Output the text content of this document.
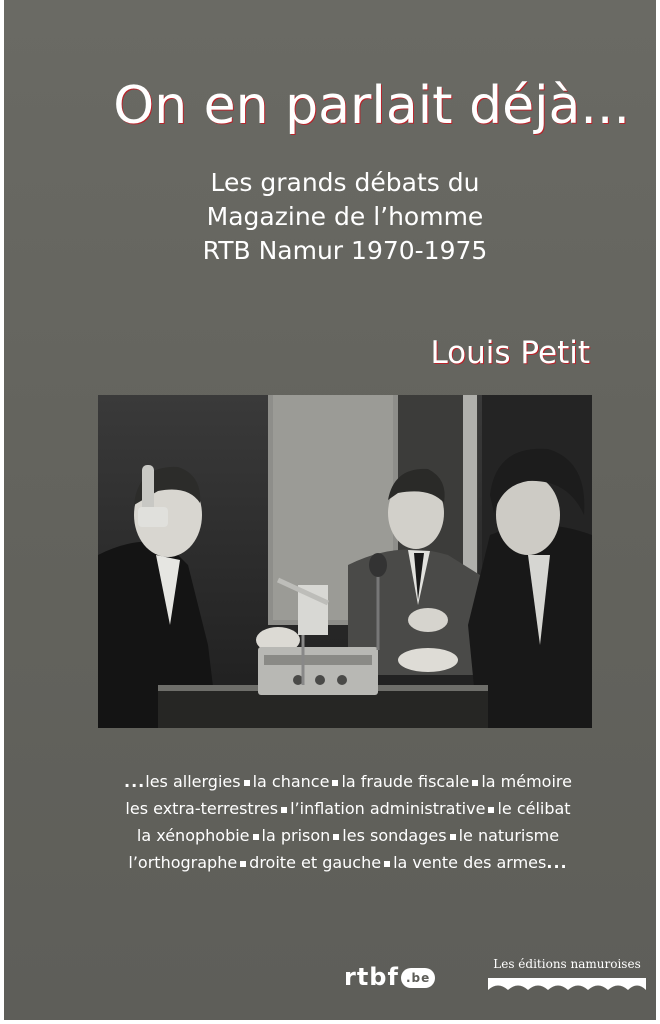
On en parlait déjà...
Les grands débats du
Magazine de l’homme
RTB Namur 1970-1975
Louis Petit
...les allergies la chance la fraude fiscale la mémoire
les extra-terrestres l’inflation administrative le célibat
la xénophobie la prison les sondages le naturisme
l’orthographe droite et gauche la vente des armes...
rtbf .be
Les éditions namuroises
